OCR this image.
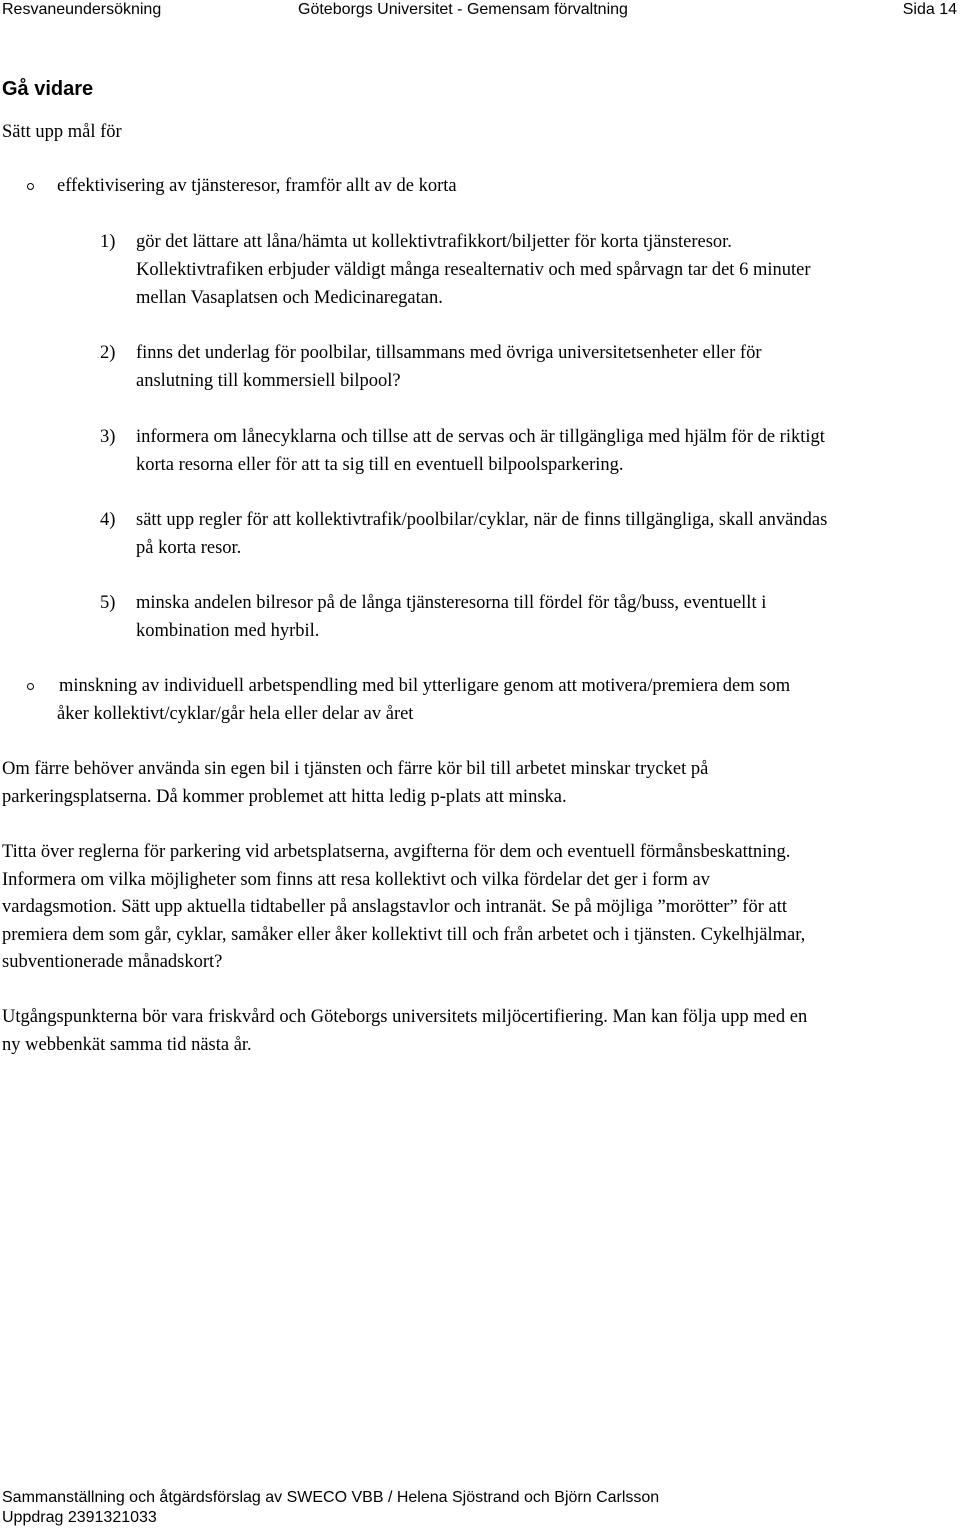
Resvaneundersökning	Göteborgs Universitet - Gemensam förvaltning	Sida 14
Gå vidare
Sätt upp mål för
effektivisering av tjänsteresor, framför allt av de korta
1) gör det lättare att låna/hämta ut kollektivtrafikkort/biljetter för korta tjänsteresor.
Kollektivtrafiken erbjuder väldigt många resealternativ och med spårvagn tar det 6 minuter
mellan Vasaplatsen och Medicinaregatan.
2) finns det underlag för poolbilar, tillsammans med övriga universitetsenheter eller för
anslutning till kommersiell bilpool?
3) informera om lånecyklarna och tillse att de servas och är tillgängliga med hjälm för de riktigt
korta resorna eller för att ta sig till en eventuell bilpoolsparkering.
4) sätt upp regler för att kollektivtrafik/poolbilar/cyklar, när de finns tillgängliga, skall användas
på korta resor.
5) minska andelen bilresor på de långa tjänsteresorna till fördel för tåg/buss, eventuellt i
kombination med hyrbil.
minskning av individuell arbetspendling med bil ytterligare genom att motivera/premiera dem som
åker kollektivt/cyklar/går hela eller delar av året
Om färre behöver använda sin egen bil i tjänsten och färre kör bil till arbetet minskar trycket på
parkeringsplatserna. Då kommer problemet att hitta ledig p-plats att minska.
Titta över reglerna för parkering vid arbetsplatserna, avgifterna för dem och eventuell förmånsbeskattning.
Informera om vilka möjligheter som finns att resa kollektivt och vilka fördelar det ger i form av
vardagsmotion. Sätt upp aktuella tidtabeller på anslagstavlor och intranät. Se på möjliga ”morötter” för att
premiera dem som går, cyklar, samåker eller åker kollektivt till och från arbetet och i tjänsten. Cykelhjälmar,
subventionerade månadskort?
Utgångspunkterna bör vara friskvård och Göteborgs universitets miljöcertifiering. Man kan följa upp med en
ny webbenkät samma tid nästa år.
Sammanställning och åtgärdsförslag av SWECO VBB / Helena Sjöstrand och Björn Carlsson
Uppdrag 2391321033
